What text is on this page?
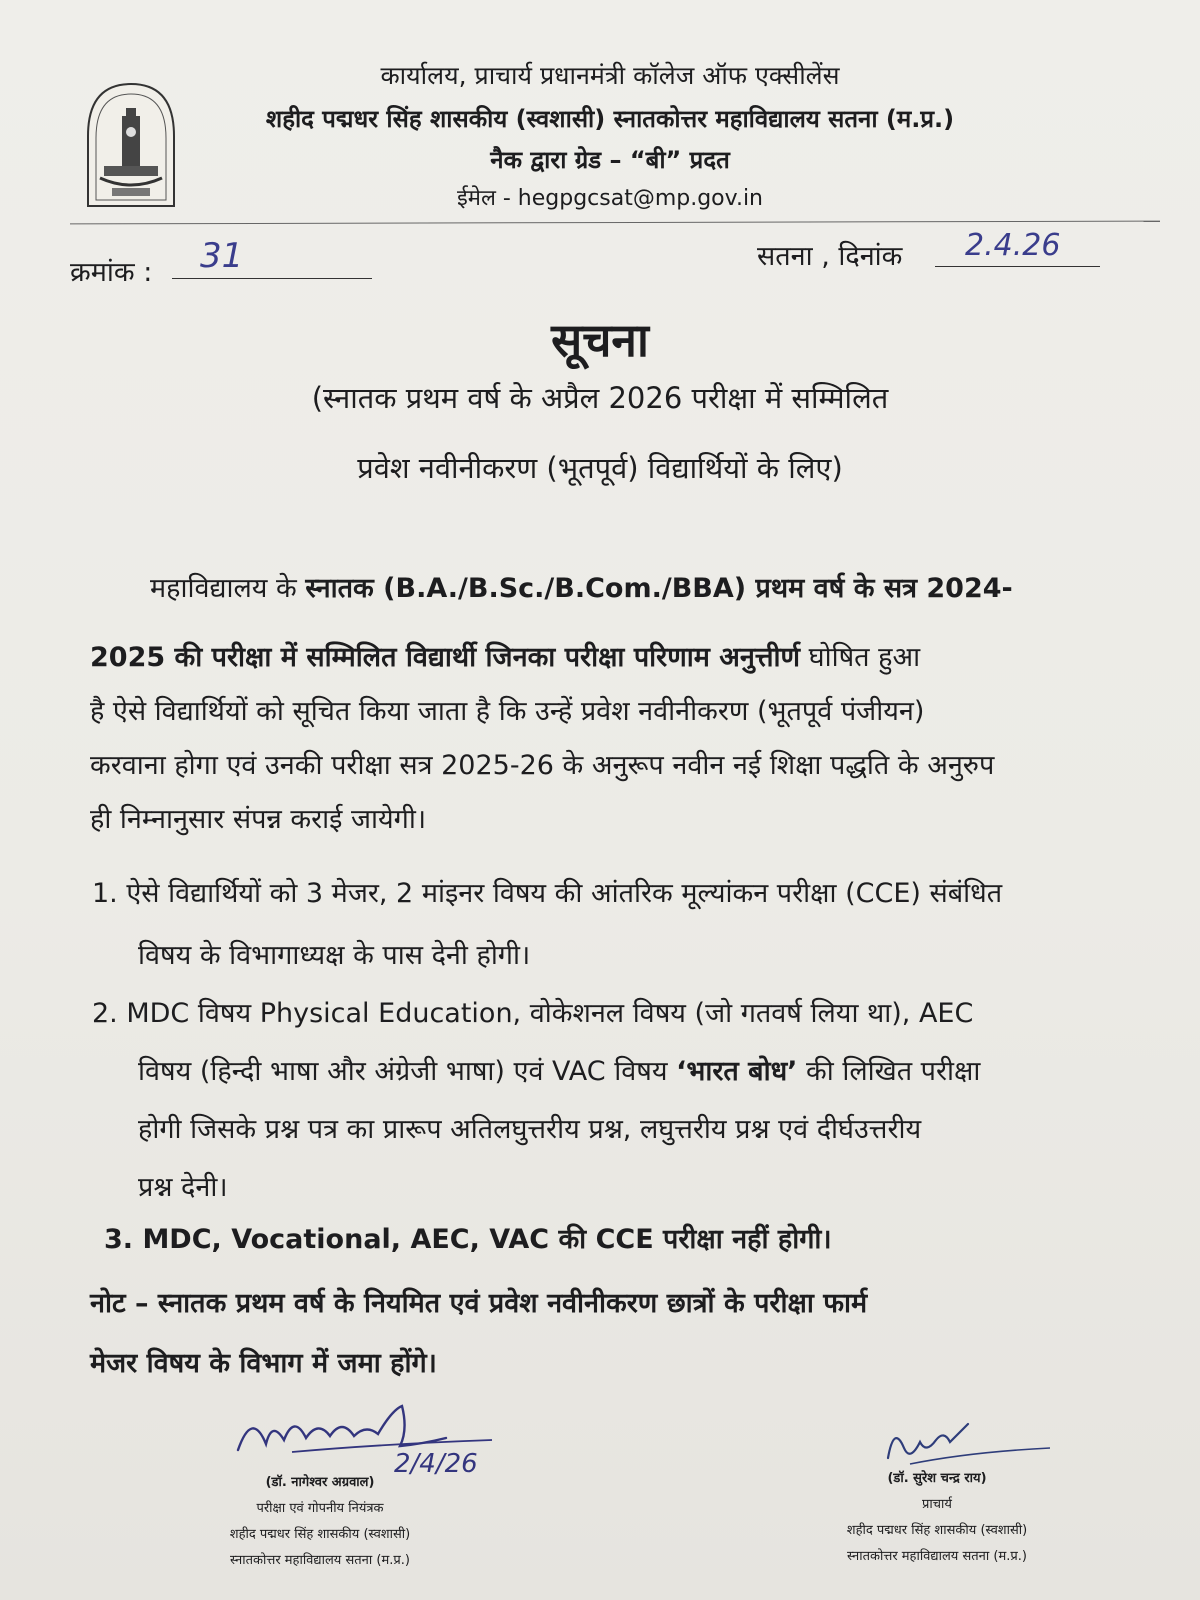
कार्यालय, प्राचार्य प्रधानमंत्री कॉलेज ऑफ एक्सीलेंस
शहीद पद्मधर सिंह शासकीय (स्वशासी) स्नातकोत्तर महाविद्यालय सतना (म.प्र.)
नैक द्वारा ग्रेड – “बी” प्रदत
ईमेल - hegpgcsat@mp.gov.in
क्रमांक : 31	सतना , दिनांक 2.4.26
सूचना
(स्नातक प्रथम वर्ष के अप्रैल 2026 परीक्षा में सम्मिलित
प्रवेश नवीनीकरण (भूतपूर्व) विद्यार्थियों के लिए)
महाविद्यालय के स्नातक (B.A./B.Sc./B.Com./BBA) प्रथम वर्ष के सत्र 2024-
2025 की परीक्षा में सम्मिलित विद्यार्थी जिनका परीक्षा परिणाम अनुत्तीर्ण घोषित हुआ
है ऐसे विद्यार्थियों को सूचित किया जाता है कि उन्हें प्रवेश नवीनीकरण (भूतपूर्व पंजीयन)
करवाना होगा एवं उनकी परीक्षा सत्र 2025-26 के अनुरूप नवीन नई शिक्षा पद्धति के अनुरुप
ही निम्नानुसार संपन्न कराई जायेगी।
1. ऐसे विद्यार्थियों को 3 मेजर, 2 मांइनर विषय की आंतरिक मूल्यांकन परीक्षा (CCE) संबंधित
विषय के विभागाध्यक्ष के पास देनी होगी।
2. MDC विषय Physical Education, वोकेशनल विषय (जो गतवर्ष लिया था), AEC
विषय (हिन्दी भाषा और अंग्रेजी भाषा) एवं VAC विषय ‘भारत बोध’ की लिखित परीक्षा
होगी जिसके प्रश्न पत्र का प्रारूप अतिलघुत्तरीय प्रश्न, लघुत्तरीय प्रश्न एवं दीर्घउत्तरीय
प्रश्न देनी।
3. MDC, Vocational, AEC, VAC की CCE परीक्षा नहीं होगी।
नोट – स्नातक प्रथम वर्ष के नियमित एवं प्रवेश नवीनीकरण छात्रों के परीक्षा फार्म
मेजर विषय के विभाग में जमा होंगे।
2/4/26
(डॉ. नागेश्वर अग्रवाल)
परीक्षा एवं गोपनीय नियंत्रक
शहीद पद्मधर सिंह शासकीय (स्वशासी)
स्नातकोत्तर महाविद्यालय सतना (म.प्र.)
(डॉ. सुरेश चन्द्र राय)
प्राचार्य
शहीद पद्मधर सिंह शासकीय (स्वशासी)
स्नातकोत्तर महाविद्यालय सतना (म.प्र.)
